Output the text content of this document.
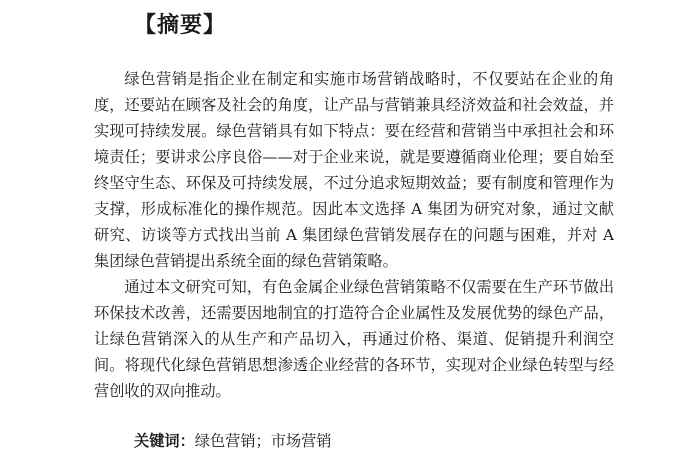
【摘要】

绿色营销是指企业在制定和实施市场营销战略时，不仅要站在企业的角度，还要站在顾客及社会的角度，让产品与营销兼具经济效益和社会效益，并实现可持续发展。绿色营销具有如下特点：要在经营和营销当中承担社会和环境责任；要讲求公序良俗——对于企业来说，就是要遵循商业伦理；要自始至终坚守生态、环保及可持续发展，不过分追求短期效益；要有制度和管理作为支撑，形成标准化的操作规范。因此本文选择 A 集团为研究对象，通过文献研究、访谈等方式找出当前 A 集团绿色营销发展存在的问题与困难，并对 A 集团绿色营销提出系统全面的绿色营销策略。

通过本文研究可知，有色金属企业绿色营销策略不仅需要在生产环节做出环保技术改善，还需要因地制宜的打造符合企业属性及发展优势的绿色产品，让绿色营销深入的从生产和产品切入，再通过价格、渠道、促销提升利润空间。将现代化绿色营销思想渗透企业经营的各环节，实现对企业绿色转型与经营创收的双向推动。

关键词：绿色营销；市场营销
